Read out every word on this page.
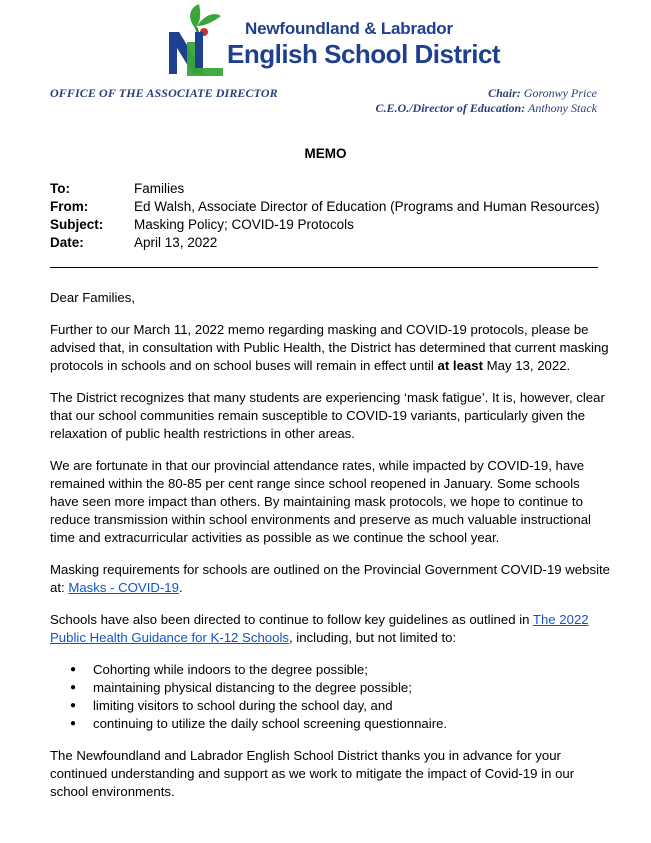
Newfoundland & Labrador
English School District
OFFICE OF THE ASSOCIATE DIRECTOR	Chair: Goronwy Price
C.E.O./Director of Education: Anthony Stack
MEMO
To:	Families
From:	Ed Walsh, Associate Director of Education (Programs and Human Resources)
Subject:	Masking Policy; COVID-19 Protocols
Date:	April 13, 2022

Dear Families,

Further to our March 11, 2022 memo regarding masking and COVID-19 protocols, please be advised that, in consultation with Public Health, the District has determined that current masking protocols in schools and on school buses will remain in effect until at least May 13, 2022.

The District recognizes that many students are experiencing ‘mask fatigue’. It is, however, clear that our school communities remain susceptible to COVID-19 variants, particularly given the relaxation of public health restrictions in other areas.

We are fortunate in that our provincial attendance rates, while impacted by COVID-19, have remained within the 80-85 per cent range since school reopened in January. Some schools have seen more impact than others. By maintaining mask protocols, we hope to continue to reduce transmission within school environments and preserve as much valuable instructional time and extracurricular activities as possible as we continue the school year.

Masking requirements for schools are outlined on the Provincial Government COVID-19 website at: Masks - COVID-19.

Schools have also been directed to continue to follow key guidelines as outlined in The 2022 Public Health Guidance for K-12 Schools, including, but not limited to:

● Cohorting while indoors to the degree possible;
● maintaining physical distancing to the degree possible;
● limiting visitors to school during the school day, and
● continuing to utilize the daily school screening questionnaire.

The Newfoundland and Labrador English School District thanks you in advance for your continued understanding and support as we work to mitigate the impact of Covid-19 in our school environments.
